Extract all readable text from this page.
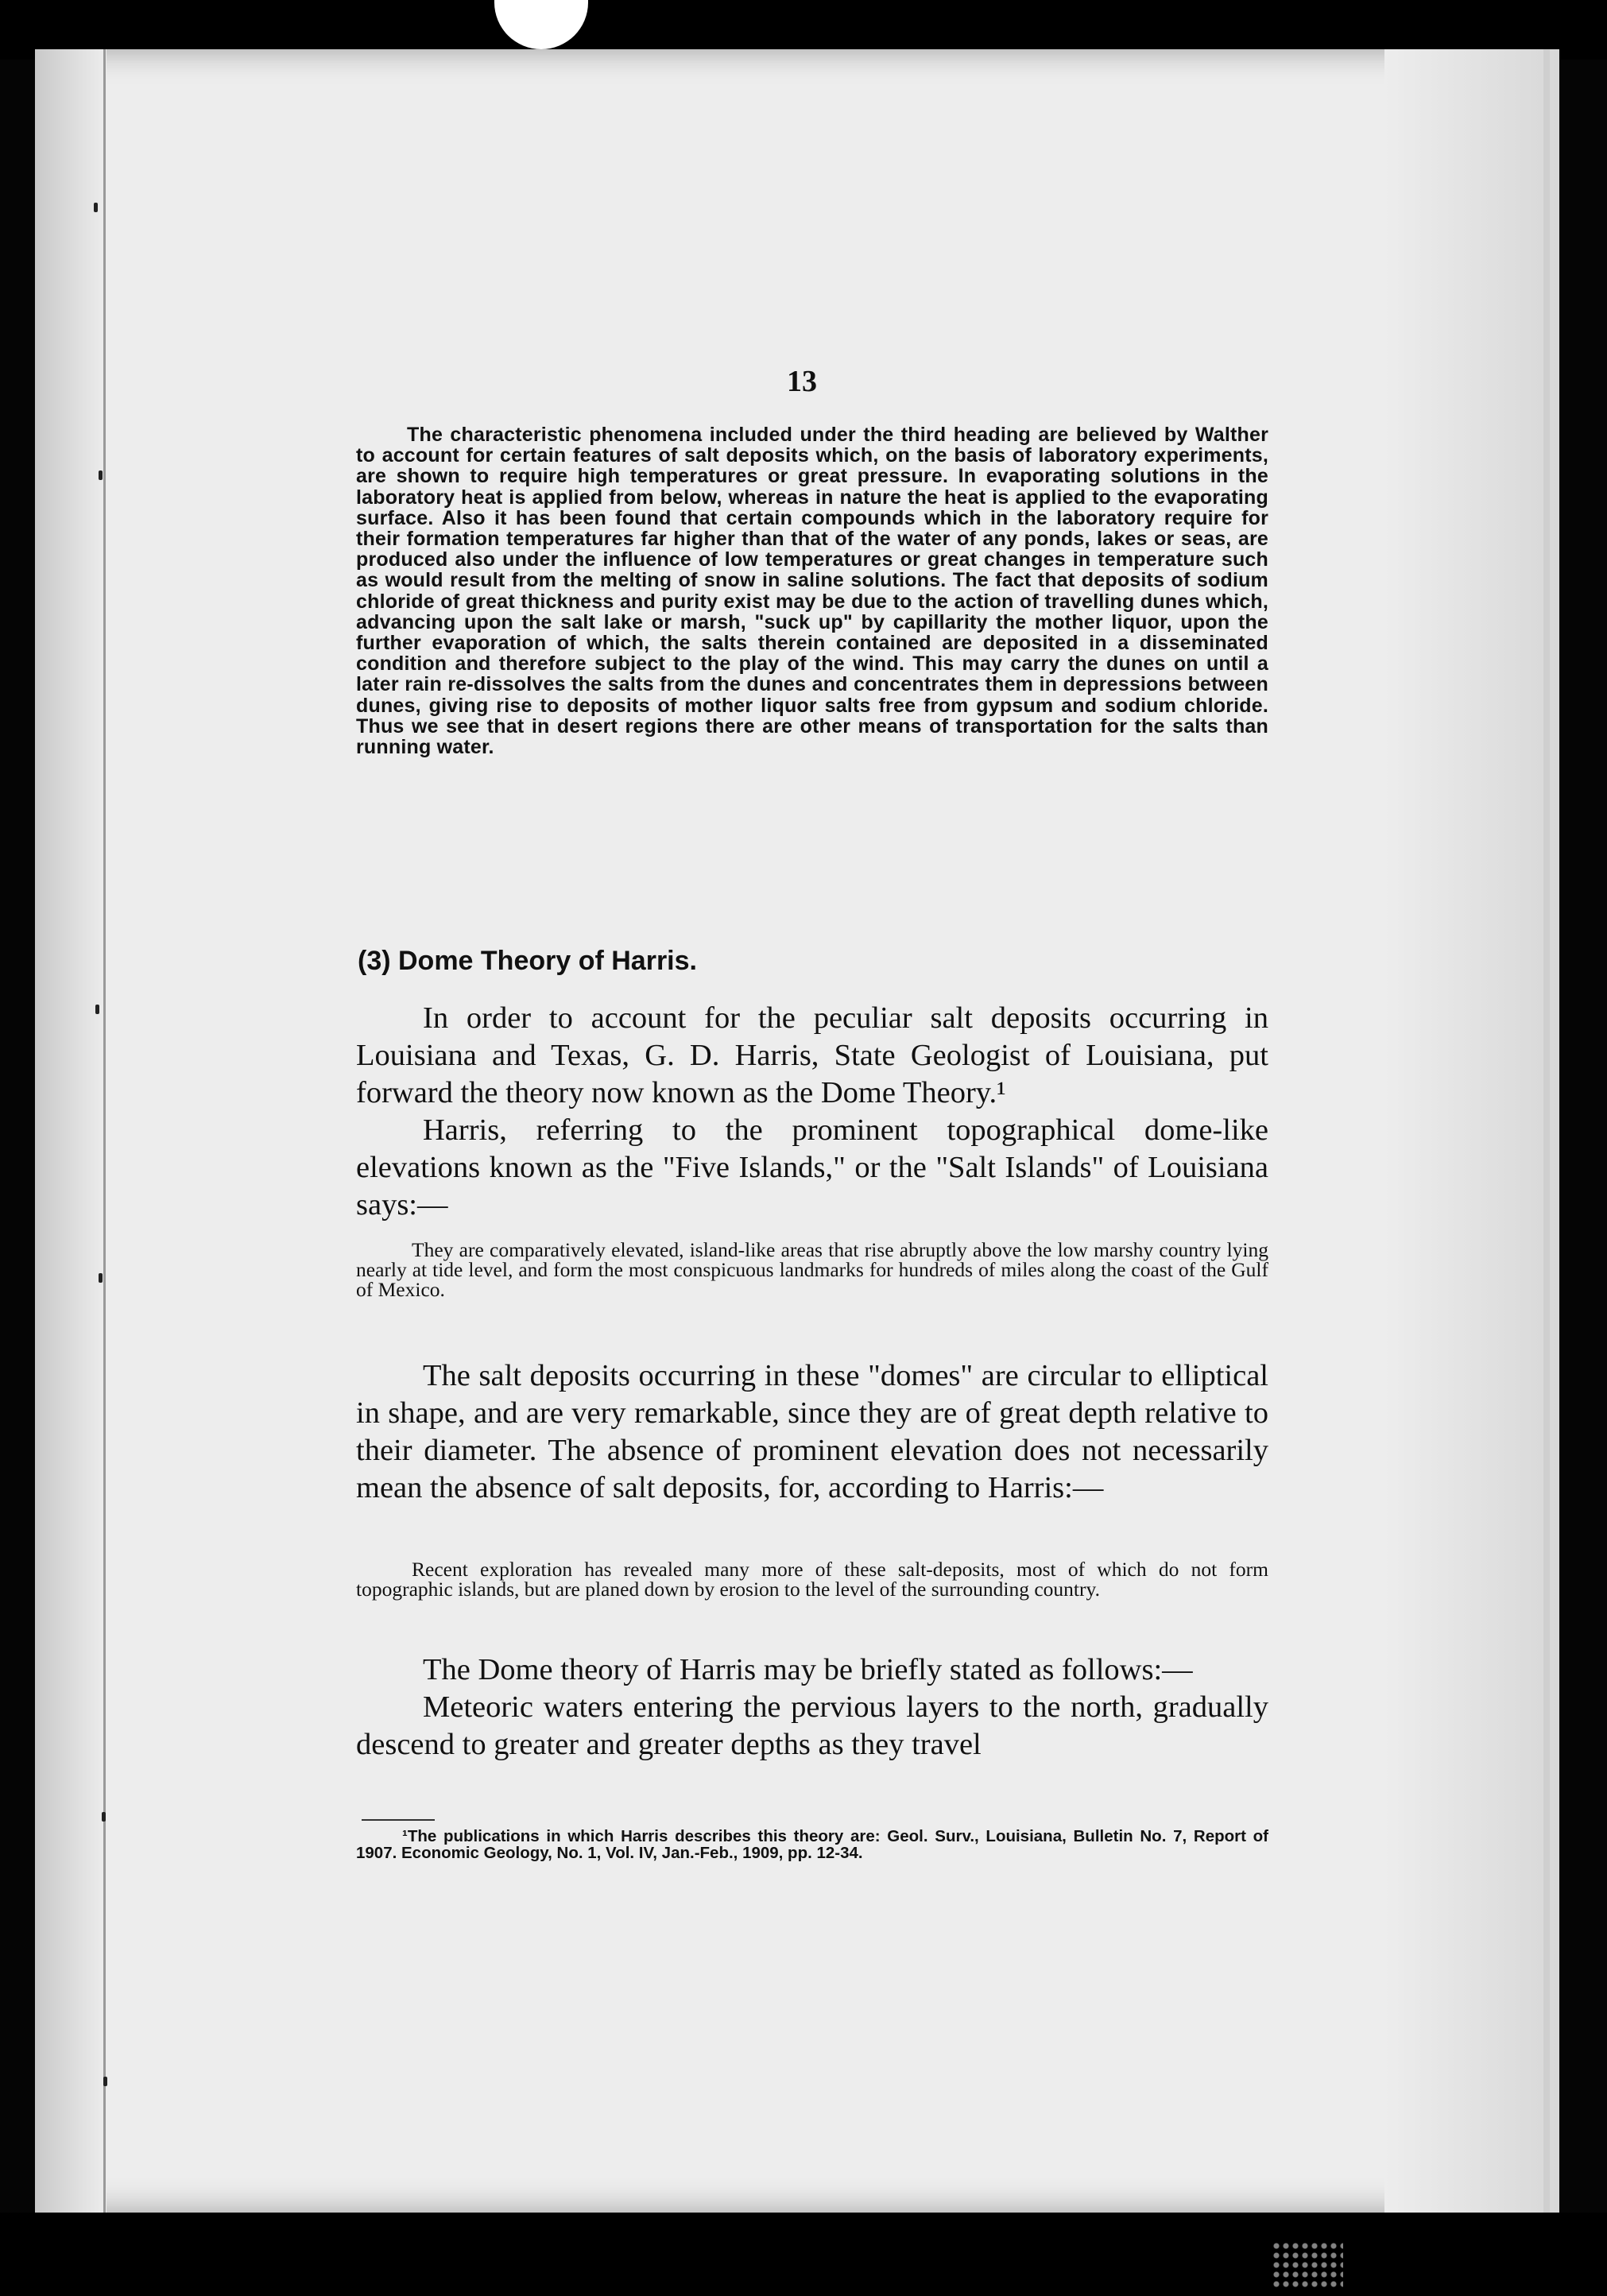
13
The characteristic phenomena included under the third heading are believed by Walther to account for certain features of salt deposits which, on the basis of laboratory experiments, are shown to require high temperatures or great pressure. In evaporating solutions in the laboratory heat is applied from below, whereas in nature the heat is applied to the evaporating surface. Also it has been found that certain compounds which in the laboratory require for their formation temperatures far higher than that of the water of any ponds, lakes or seas, are produced also under the influence of low temperatures or great changes in temperature such as would result from the melting of snow in saline solutions. The fact that deposits of sodium chloride of great thickness and purity exist may be due to the action of travelling dunes which, advancing upon the salt lake or marsh, "suck up" by capillarity the mother liquor, upon the further evaporation of which, the salts therein contained are deposited in a disseminated condition and therefore subject to the play of the wind. This may carry the dunes on until a later rain re-dissolves the salts from the dunes and concentrates them in depressions between dunes, giving rise to deposits of mother liquor salts free from gypsum and sodium chloride. Thus we see that in desert regions there are other means of transportation for the salts than running water.
(3) Dome Theory of Harris.

In order to account for the peculiar salt deposits occurring in Louisiana and Texas, G. D. Harris, State Geologist of Louisiana, put forward the theory now known as the Dome Theory.¹

Harris, referring to the prominent topographical dome-like elevations known as the "Five Islands," or the "Salt Islands" of Louisiana says:—

They are comparatively elevated, island-like areas that rise abruptly above the low marshy country lying nearly at tide level, and form the most conspicuous landmarks for hundreds of miles along the coast of the Gulf of Mexico.

The salt deposits occurring in these "domes" are circular to elliptical in shape, and are very remarkable, since they are of great depth relative to their diameter. The absence of prominent elevation does not necessarily mean the absence of salt deposits, for, according to Harris:—

Recent exploration has revealed many more of these salt-deposits, most of which do not form topographic islands, but are planed down by erosion to the level of the surrounding country.

The Dome theory of Harris may be briefly stated as follows:—

Meteoric waters entering the pervious layers to the north, gradually descend to greater and greater depths as they travel

¹The publications in which Harris describes this theory are: Geol. Surv., Louisiana, Bulletin No. 7, Report of 1907. Economic Geology, No. 1, Vol. IV, Jan.-Feb., 1909, pp. 12-34.
